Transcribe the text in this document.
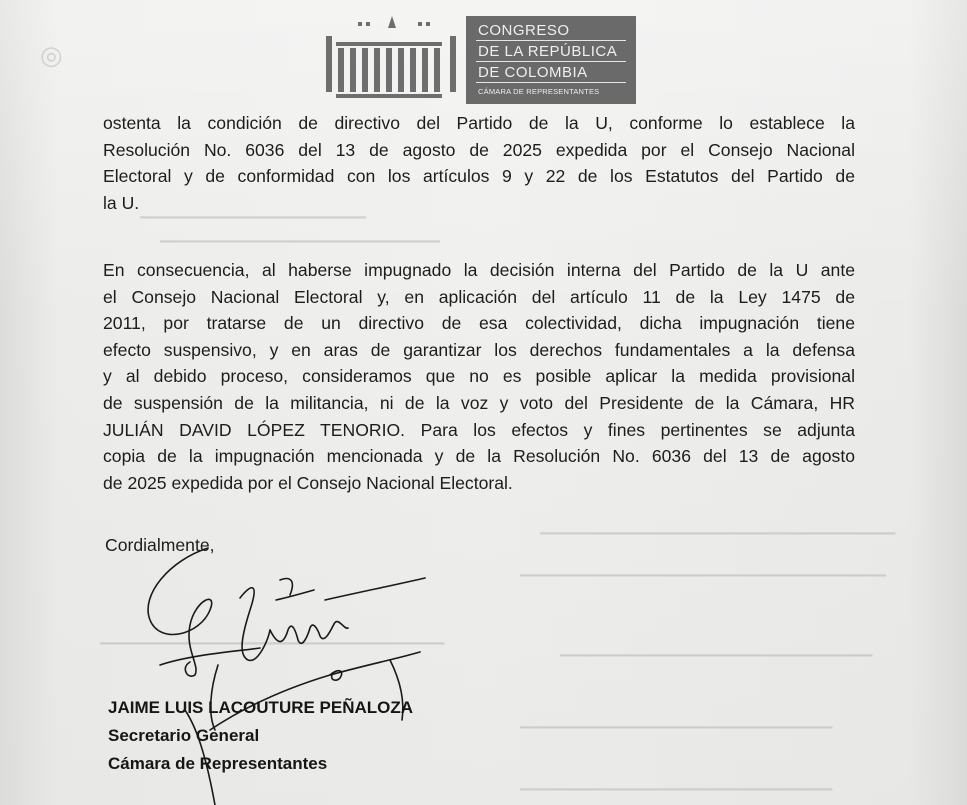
▁▁▁▁▁▁▁▁▁▁▁▁▁▁▁▁▁▁▁▁▁
▁▁▁▁▁▁▁▁▁▁▁▁▁▁▁▁▁▁▁▁▁▁▁▁▁▁
▁▁▁▁▁▁▁▁▁▁▁▁▁▁▁▁▁▁▁▁▁▁▁▁▁▁▁▁▁▁▁▁▁
▁▁▁▁▁▁▁▁▁▁▁▁▁▁▁▁▁▁▁▁▁▁▁▁▁▁▁▁▁▁▁▁▁▁
▁▁▁▁▁▁▁▁▁▁▁▁▁▁▁▁▁▁▁▁▁▁▁▁▁▁▁▁▁▁▁▁
▁▁▁▁▁▁▁▁▁▁▁▁▁▁▁▁▁▁▁▁▁▁▁▁▁▁▁▁▁
▁▁▁▁▁▁▁▁▁▁▁▁▁▁▁▁▁▁▁▁▁▁▁▁▁▁▁▁▁
▁▁▁▁▁▁▁▁▁▁▁▁▁▁▁▁▁▁▁▁▁▁▁▁▁▁▁▁▁
◎
CONGRESO
DE LA REPÚBLICA
DE COLOMBIA
CÁMARA DE REPRESENTANTES
ostenta la condición de directivo del Partido de la U, conforme lo establece la
Resolución No. 6036 del 13 de agosto de 2025 expedida por el Consejo Nacional
Electoral y de conformidad con los artículos 9 y 22 de los Estatutos del Partido de
la U.
En consecuencia, al haberse impugnado la decisión interna del Partido de la U ante
el Consejo Nacional Electoral y, en aplicación del artículo 11 de la Ley 1475 de
2011, por tratarse de un directivo de esa colectividad, dicha impugnación tiene
efecto suspensivo, y en aras de garantizar los derechos fundamentales a la defensa
y al debido proceso, consideramos que no es posible aplicar la medida provisional
de suspensión de la militancia, ni de la voz y voto del Presidente de la Cámara, HR
JULIÁN DAVID LÓPEZ TENORIO. Para los efectos y fines pertinentes se adjunta
copia de la impugnación mencionada y de la Resolución No. 6036 del 13 de agosto
de 2025 expedida por el Consejo Nacional Electoral.
Cordialmente,
JAIME LUIS LACOUTURE PEÑALOZA
Secretario General
Cámara de Representantes
